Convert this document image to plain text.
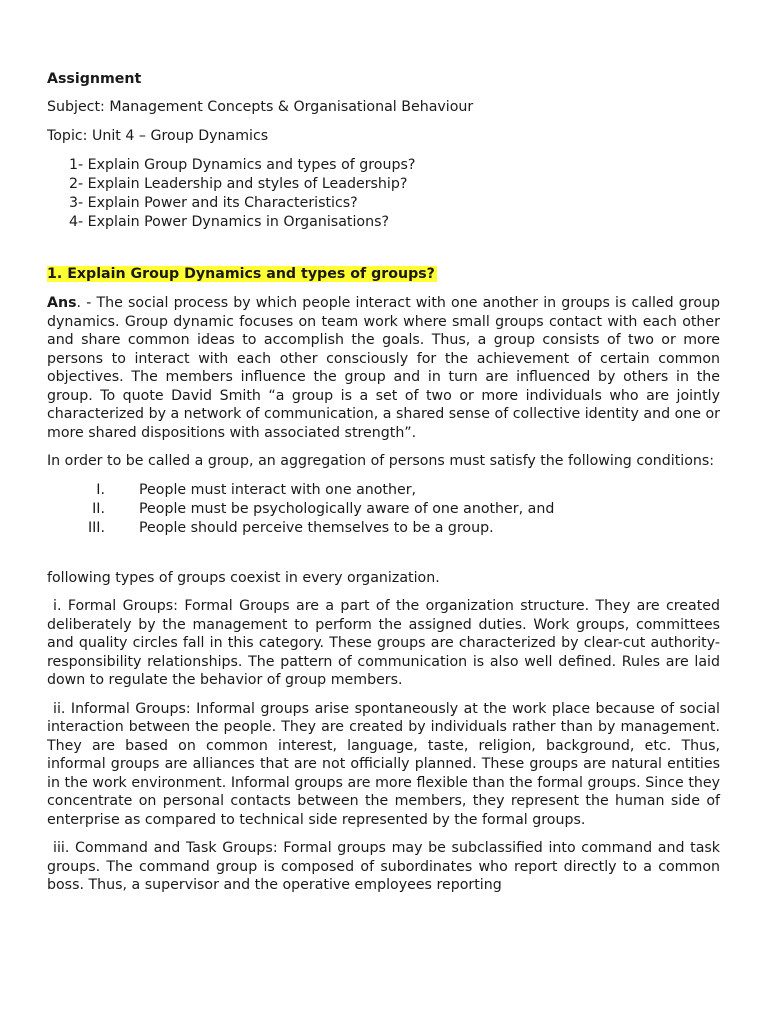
Assignment

Subject: Management Concepts & Organisational Behaviour

Topic: Unit 4 – Group Dynamics

1- Explain Group Dynamics and types of groups?
2- Explain Leadership and styles of Leadership?
3- Explain Power and its Characteristics?
4- Explain Power Dynamics in Organisations?
1. Explain Group Dynamics and types of groups?

Ans. - The social process by which people interact with one another in groups is called group dynamics. Group dynamic focuses on team work where small groups contact with each other and share common ideas to accomplish the goals. Thus, a group consists of two or more persons to interact with each other consciously for the achievement of certain common objectives. The members influence the group and in turn are influenced by others in the group. To quote David Smith “a group is a set of two or more individuals who are jointly characterized by a network of communication, a shared sense of collective identity and one or more shared dispositions with associated strength”.

In order to be called a group, an aggregation of persons must satisfy the following conditions:

I.	People must interact with one another,
II.	People must be psychologically aware of one another, and
III.	People should perceive themselves to be a group.

following types of groups coexist in every organization.

i. Formal Groups: Formal Groups are a part of the organization structure. They are created deliberately by the management to perform the assigned duties. Work groups, committees and quality circles fall in this category. These groups are characterized by clear-cut authority-responsibility relationships. The pattern of communication is also well defined. Rules are laid down to regulate the behavior of group members.

ii. Informal Groups: Informal groups arise spontaneously at the work place because of social interaction between the people. They are created by individuals rather than by management. They are based on common interest, language, taste, religion, background, etc. Thus, informal groups are alliances that are not officially planned. These groups are natural entities in the work environment. Informal groups are more flexible than the formal groups. Since they concentrate on personal contacts between the members, they represent the human side of enterprise as compared to technical side represented by the formal groups.

iii. Command and Task Groups: Formal groups may be subclassified into command and task groups. The command group is composed of subordinates who report directly to a common boss. Thus, a supervisor and the operative employees reporting
